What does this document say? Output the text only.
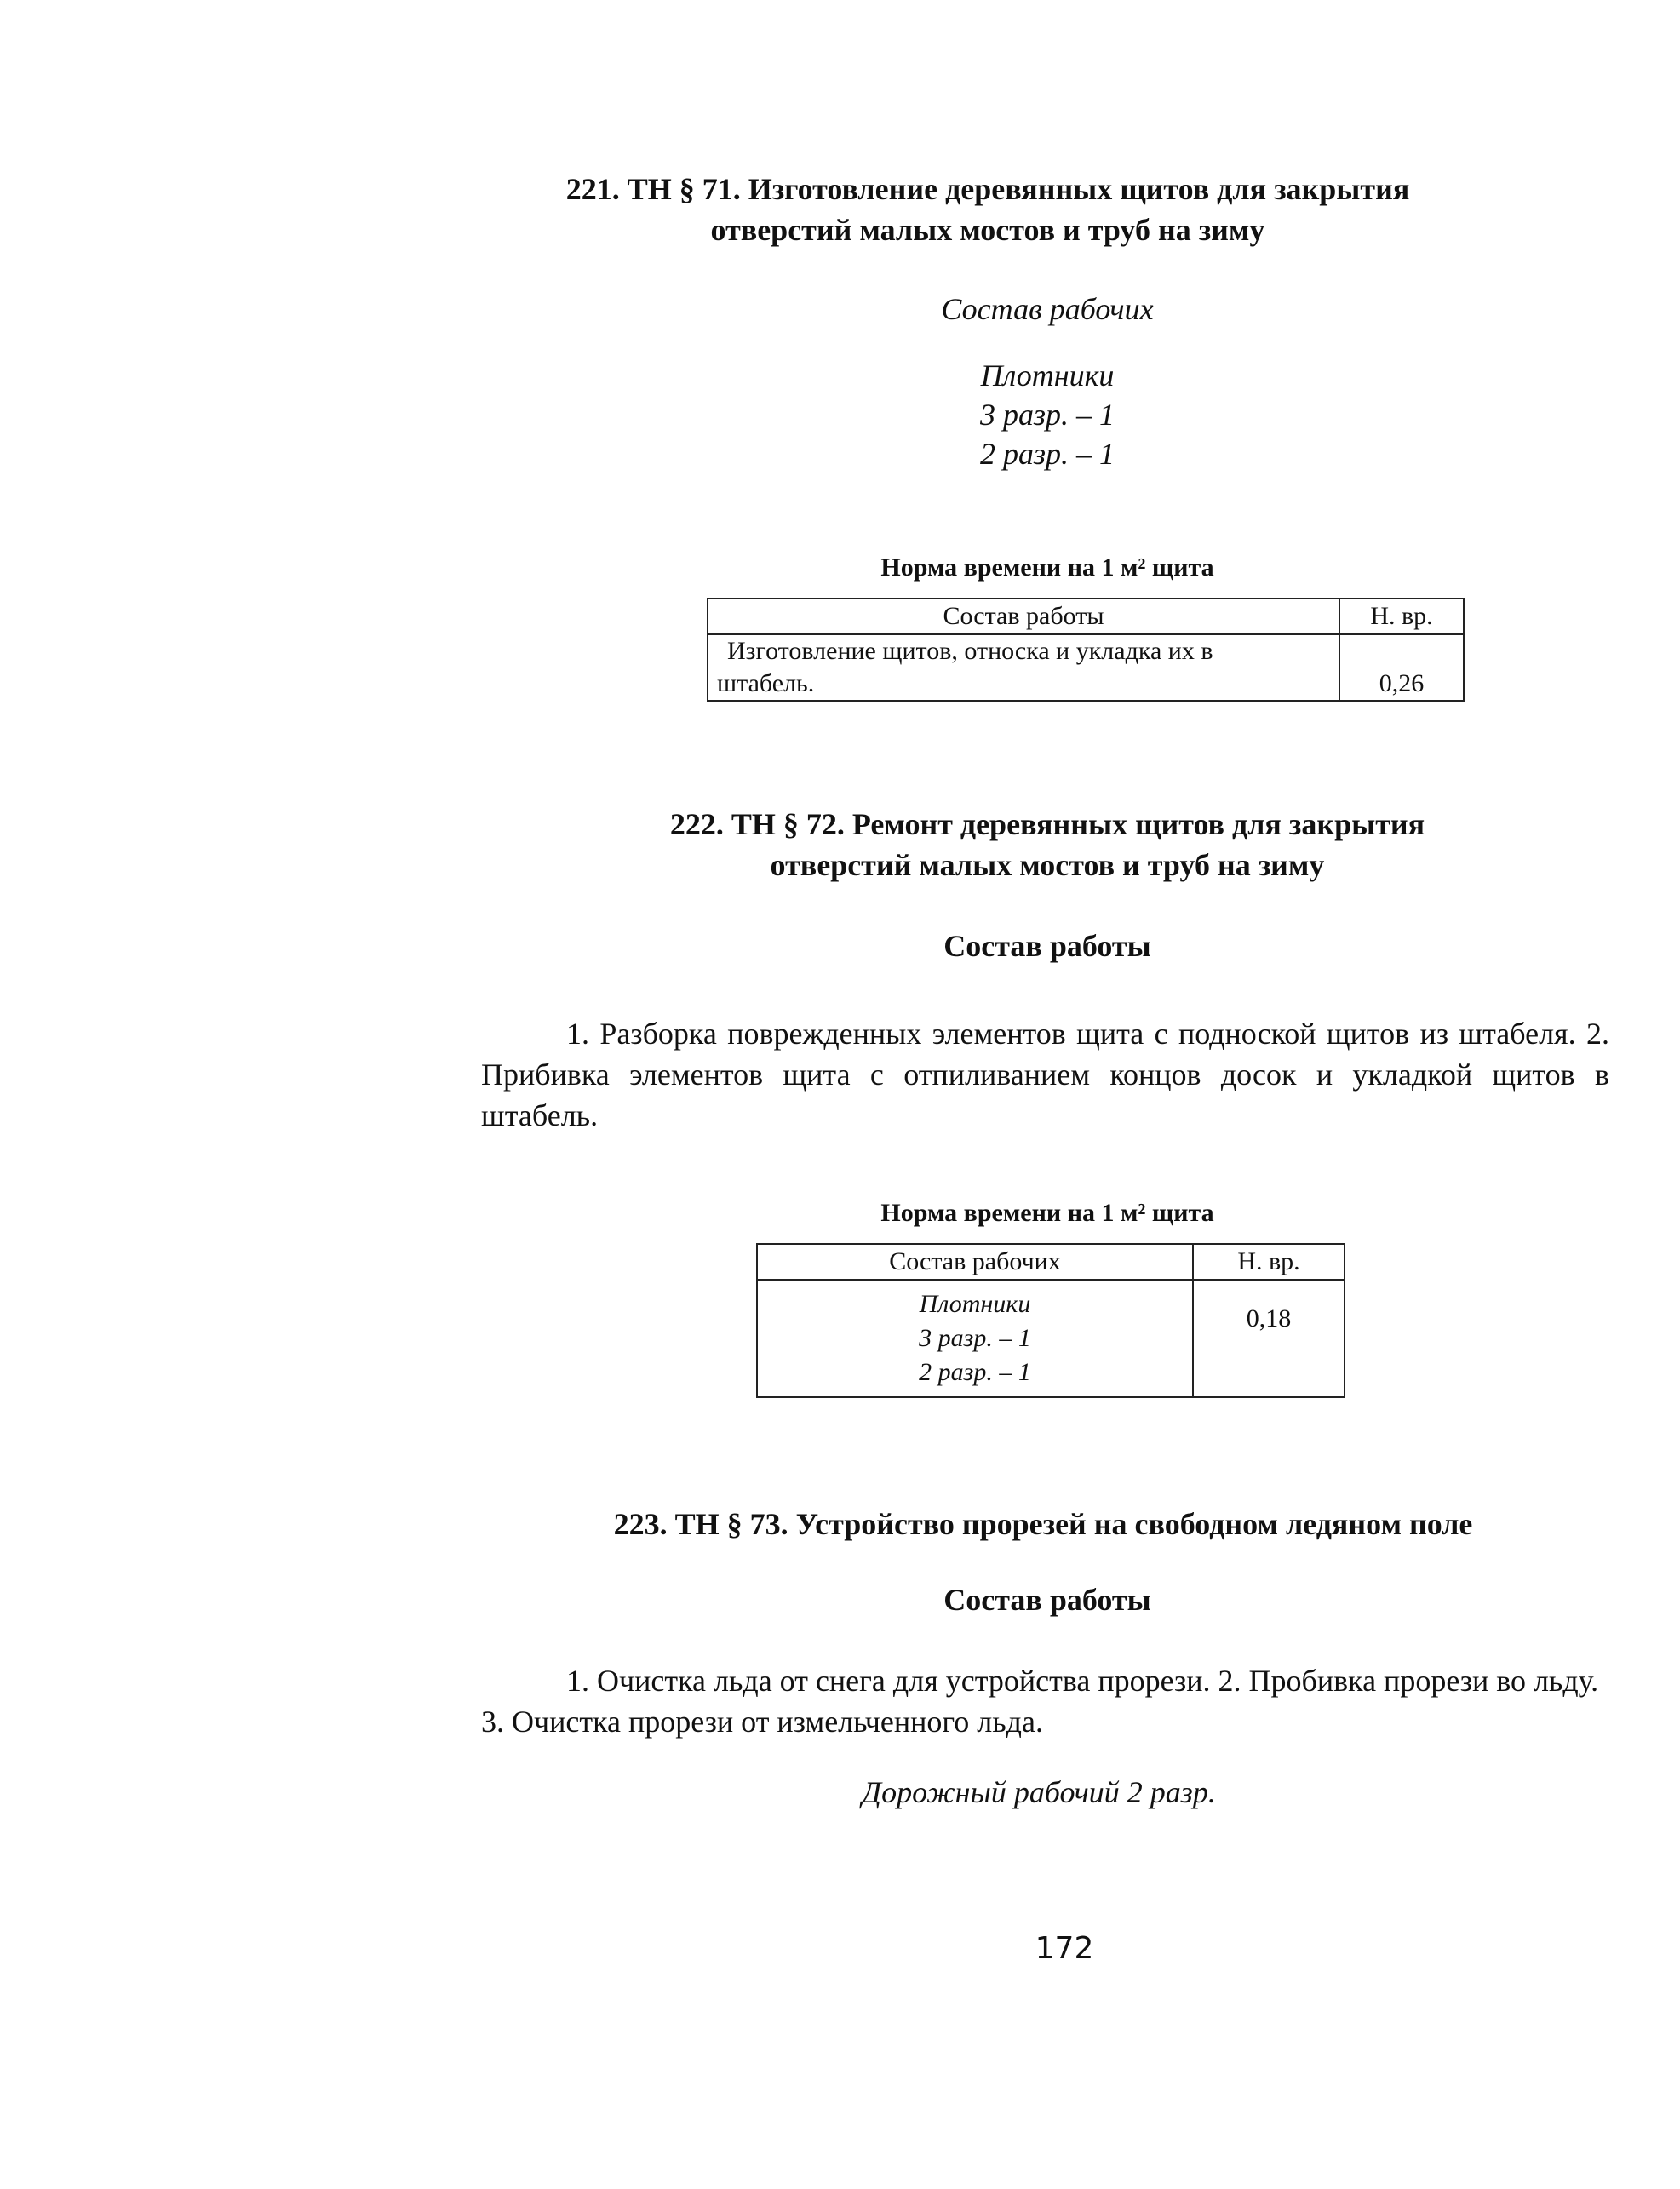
221. ТН § 71. Изготовление деревянных щитов для закрытия
отверстий малых мостов и труб на зиму
Состав рабочих
Плотники
3 разр. – 1
2 разр. – 1
Норма времени на 1 м² щита
Состав работы	Н. вр.

Изготовление щитов, относка и укладка их в
штабель.	0,26
222. ТН § 72. Ремонт деревянных щитов для закрытия
отверстий малых мостов и труб на зиму
Состав работы
1. Разборка поврежденных элементов щита с подноской щитов из штабеля. 2. Прибивка элементов щита с отпиливанием концов досок и укладкой щитов в штабель.
Норма времени на 1 м² щита
Состав рабочих	Н. вр.

Плотники
3 разр. – 1
2 разр. – 1	0,18
223. ТН § 73. Устройство прорезей на свободном ледяном поле
Состав работы
1. Очистка льда от снега для устройства прорези. 2. Пробивка прорези во льду. 3. Очистка прорези от измельченного льда.
Дорожный рабочий 2 разр.
172
